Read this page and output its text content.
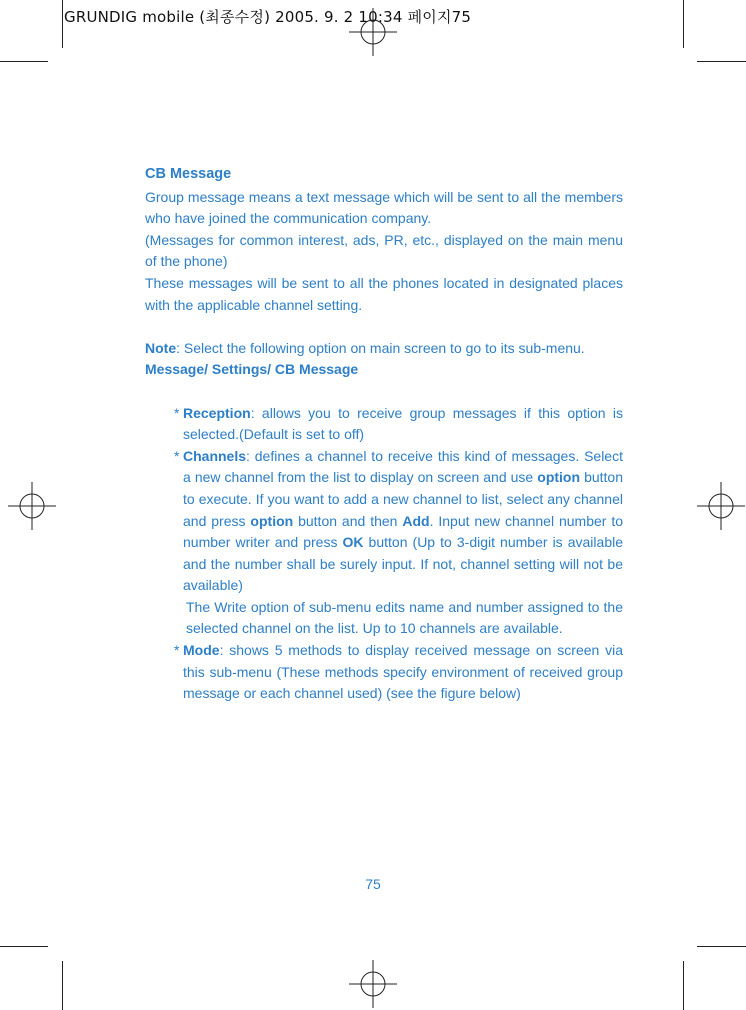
GRUNDIG mobile (최종수정) 2005. 9. 2 10:34 페이지75

CB Message

Group message means a text message which will be sent to all the members who have joined the communication company.

(Messages for common interest, ads, PR, etc., displayed on the main menu of the phone)

These messages will be sent to all the phones located in designated places with the applicable channel setting.

Note: Select the following option on main screen to go to its sub-menu.

Message/ Settings/ CB Message

* Reception: allows you to receive group messages if this option is selected.(Default is set to off)

* Channels: defines a channel to receive this kind of messages. Select a new channel from the list to display on screen and use option button to execute. If you want to add a new channel to list, select any channel and press option button and then Add. Input new channel number to number writer and press OK button (Up to 3-digit number is available and the number shall be surely input. If not, channel setting will not be available)

The Write option of sub-menu edits name and number assigned to the selected channel on the list. Up to 10 channels are available.

* Mode: shows 5 methods to display received message on screen via this sub-menu (These methods specify environment of received group message or each channel used) (see the figure below)

75
